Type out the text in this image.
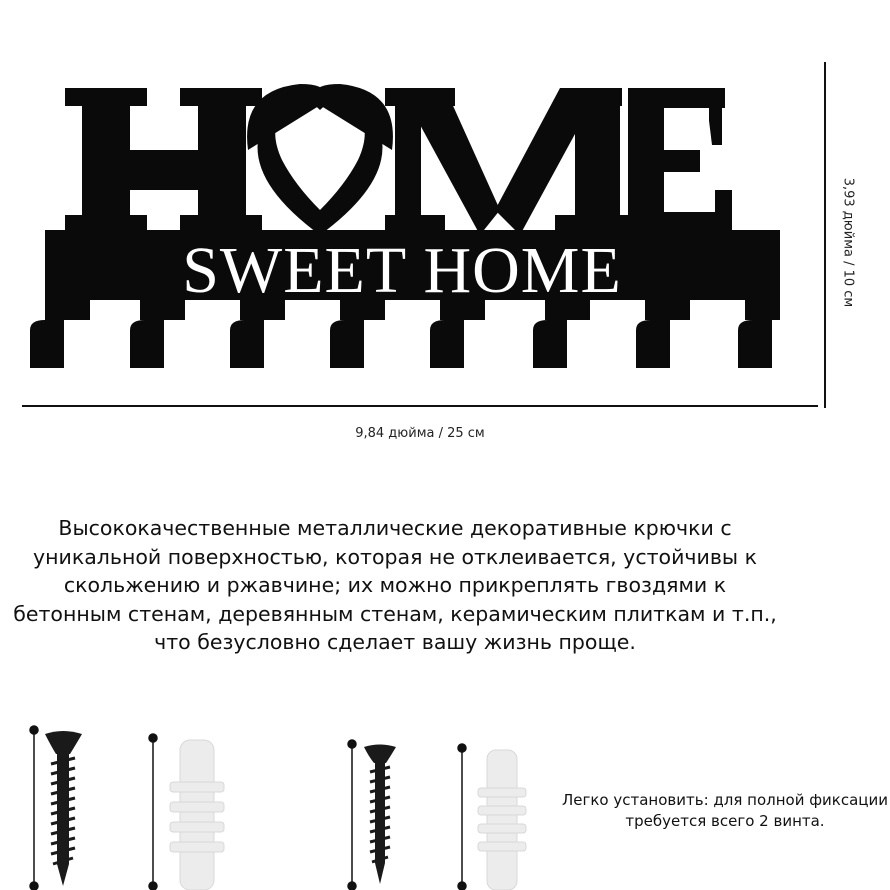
SWEET HOME
9,84 дюйма / 25 см
3,93 дюйма / 10 см
Высококачественные металлические декоративные крючки с уникальной поверхностью, которая не отклеивается, устойчивы к скольжению и ржавчине; их можно прикреплять гвоздями к бетонным стенам, деревянным стенам, керамическим плиткам и т.п., что безусловно сделает вашу жизнь проще.
Легко установить: для полной фиксации требуется всего 2 винта.
